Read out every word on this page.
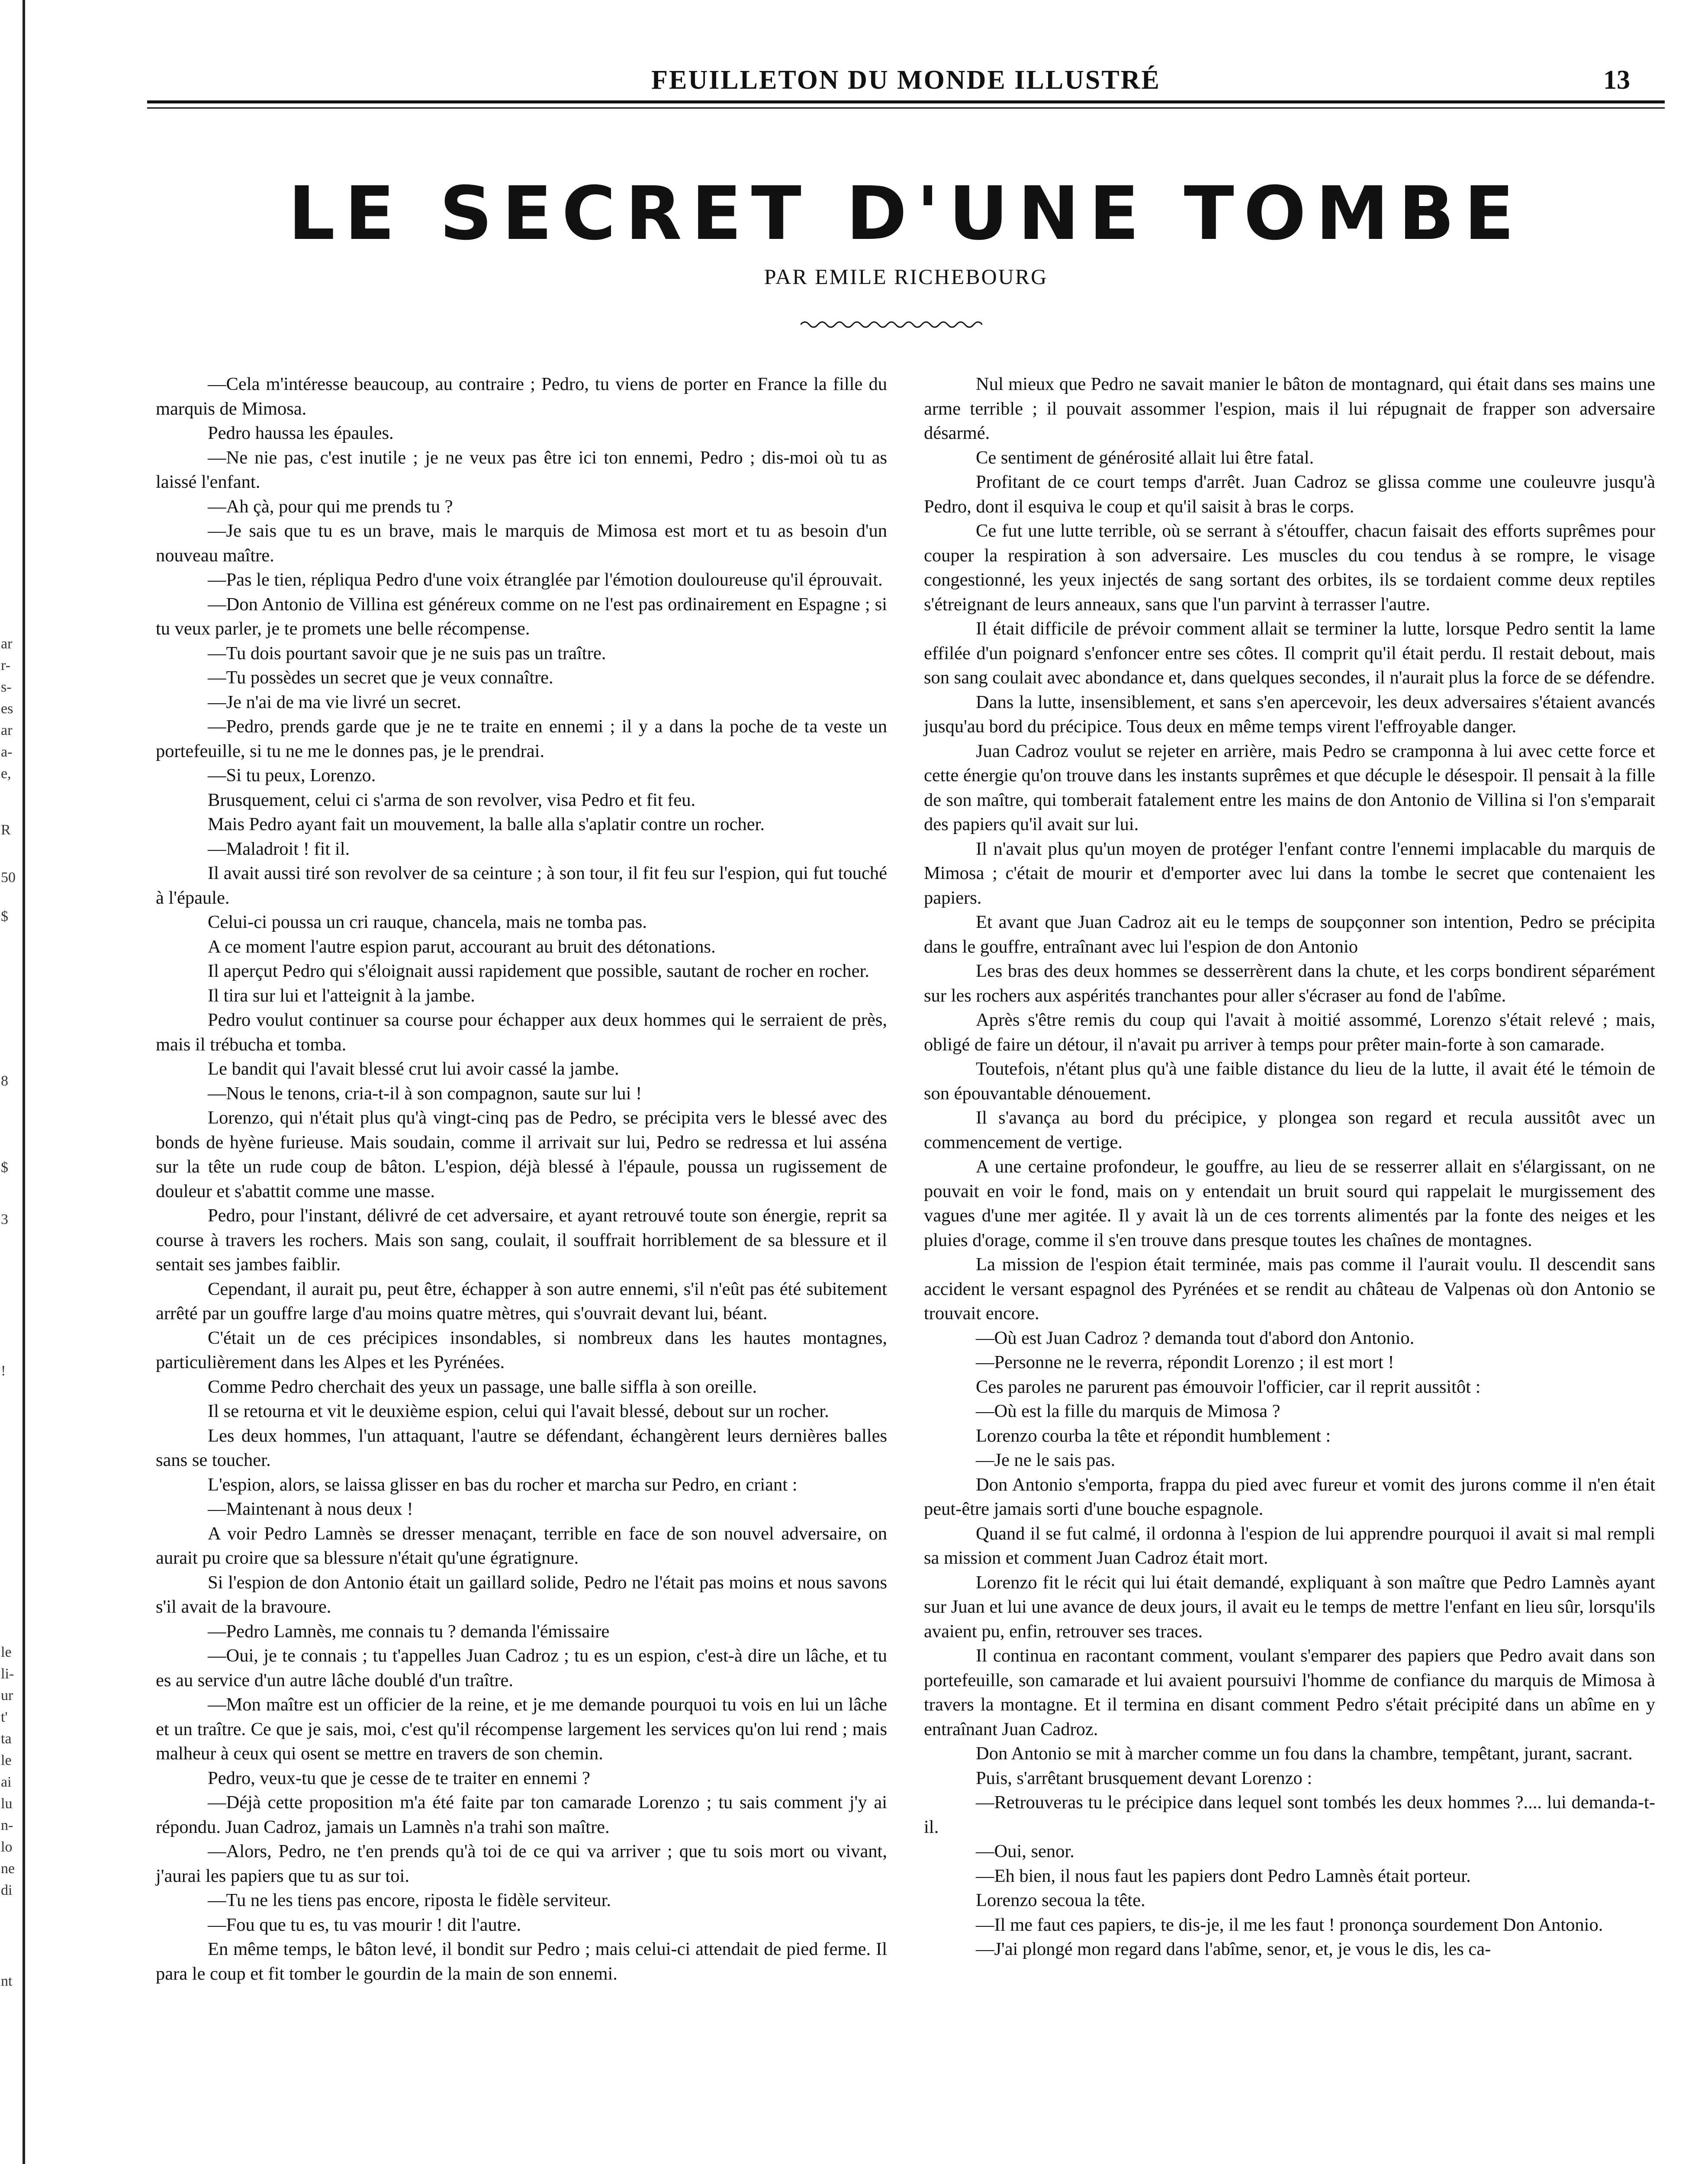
ar
r-
s-
es
ar
a-
e,
R
50
$
8
$
3
!
le
li-
ur
t'
ta
le
ai
lu
n-
lo
ne
di
nt
FEUILLETON DU MONDE ILLUSTRÉ	13
LE SECRET D'UNE TOMBE
PAR EMILE RICHEBOURG

—Cela m'intéresse beaucoup, au contraire ; Pedro, tu viens de porter en France la fille du marquis de Mimosa.

Pedro haussa les épaules.

—Ne nie pas, c'est inutile ; je ne veux pas être ici ton ennemi, Pedro ; dis-moi où tu as laissé l'enfant.

—Ah çà, pour qui me prends tu ?

—Je sais que tu es un brave, mais le marquis de Mimosa est mort et tu as besoin d'un nouveau maître.

—Pas le tien, répliqua Pedro d'une voix étranglée par l'émotion douloureuse qu'il éprouvait.

—Don Antonio de Villina est généreux comme on ne l'est pas ordinairement en Espagne ; si tu veux parler, je te promets une belle récompense.

—Tu dois pourtant savoir que je ne suis pas un traître.

—Tu possèdes un secret que je veux connaître.

—Je n'ai de ma vie livré un secret.

—Pedro, prends garde que je ne te traite en ennemi ; il y a dans la poche de ta veste un portefeuille, si tu ne me le donnes pas, je le prendrai.

—Si tu peux, Lorenzo.

Brusquement, celui ci s'arma de son revolver, visa Pedro et fit feu.

Mais Pedro ayant fait un mouvement, la balle alla s'aplatir contre un rocher.

—Maladroit ! fit il.

Il avait aussi tiré son revolver de sa ceinture ; à son tour, il fit feu sur l'espion, qui fut touché à l'épaule.

Celui-ci poussa un cri rauque, chancela, mais ne tomba pas.

A ce moment l'autre espion parut, accourant au bruit des détonations.

Il aperçut Pedro qui s'éloignait aussi rapidement que possible, sautant de rocher en rocher.

Il tira sur lui et l'atteignit à la jambe.

Pedro voulut continuer sa course pour échapper aux deux hommes qui le serraient de près, mais il trébucha et tomba.

Le bandit qui l'avait blessé crut lui avoir cassé la jambe.

—Nous le tenons, cria-t-il à son compagnon, saute sur lui !

Lorenzo, qui n'était plus qu'à vingt-cinq pas de Pedro, se précipita vers le blessé avec des bonds de hyène furieuse. Mais soudain, comme il arrivait sur lui, Pedro se redressa et lui asséna sur la tête un rude coup de bâton. L'espion, déjà blessé à l'épaule, poussa un rugissement de douleur et s'abattit comme une masse.

Pedro, pour l'instant, délivré de cet adversaire, et ayant retrouvé toute son énergie, reprit sa course à travers les rochers. Mais son sang, coulait, il souffrait horriblement de sa blessure et il sentait ses jambes faiblir.

Cependant, il aurait pu, peut être, échapper à son autre ennemi, s'il n'eût pas été subitement arrêté par un gouffre large d'au moins quatre mètres, qui s'ouvrait devant lui, béant.

C'était un de ces précipices insondables, si nombreux dans les hautes montagnes, particulièrement dans les Alpes et les Pyrénées.

Comme Pedro cherchait des yeux un passage, une balle siffla à son oreille.

Il se retourna et vit le deuxième espion, celui qui l'avait blessé, debout sur un rocher.

Les deux hommes, l'un attaquant, l'autre se défendant, échangèrent leurs dernières balles sans se toucher.

L'espion, alors, se laissa glisser en bas du rocher et marcha sur Pedro, en criant :

—Maintenant à nous deux !

A voir Pedro Lamnès se dresser menaçant, terrible en face de son nouvel adversaire, on aurait pu croire que sa blessure n'était qu'une égratignure.

Si l'espion de don Antonio était un gaillard solide, Pedro ne l'était pas moins et nous savons s'il avait de la bravoure.

—Pedro Lamnès, me connais tu ? demanda l'émissaire

—Oui, je te connais ; tu t'appelles Juan Cadroz ; tu es un espion, c'est-à dire un lâche, et tu es au service d'un autre lâche doublé d'un traître.

—Mon maître est un officier de la reine, et je me demande pourquoi tu vois en lui un lâche et un traître. Ce que je sais, moi, c'est qu'il récompense largement les services qu'on lui rend ; mais malheur à ceux qui osent se mettre en travers de son chemin.

Pedro, veux-tu que je cesse de te traiter en ennemi ?

—Déjà cette proposition m'a été faite par ton camarade Lorenzo ; tu sais comment j'y ai répondu. Juan Cadroz, jamais un Lamnès n'a trahi son maître.

—Alors, Pedro, ne t'en prends qu'à toi de ce qui va arriver ; que tu sois mort ou vivant, j'aurai les papiers que tu as sur toi.

—Tu ne les tiens pas encore, riposta le fidèle serviteur.

—Fou que tu es, tu vas mourir ! dit l'autre.

En même temps, le bâton levé, il bondit sur Pedro ; mais celui-ci attendait de pied ferme. Il para le coup et fit tomber le gourdin de la main de son ennemi.

Nul mieux que Pedro ne savait manier le bâton de montagnard, qui était dans ses mains une arme terrible ; il pouvait assommer l'espion, mais il lui répugnait de frapper son adversaire désarmé.

Ce sentiment de générosité allait lui être fatal.

Profitant de ce court temps d'arrêt. Juan Cadroz se glissa comme une couleuvre jusqu'à Pedro, dont il esquiva le coup et qu'il saisit à bras le corps.

Ce fut une lutte terrible, où se serrant à s'étouffer, chacun faisait des efforts suprêmes pour couper la respiration à son adversaire. Les muscles du cou tendus à se rompre, le visage congestionné, les yeux injectés de sang sortant des orbites, ils se tordaient comme deux reptiles s'étreignant de leurs anneaux, sans que l'un parvint à terrasser l'autre.

Il était difficile de prévoir comment allait se terminer la lutte, lorsque Pedro sentit la lame effilée d'un poignard s'enfoncer entre ses côtes. Il comprit qu'il était perdu. Il restait debout, mais son sang coulait avec abondance et, dans quelques secondes, il n'aurait plus la force de se défendre.

Dans la lutte, insensiblement, et sans s'en apercevoir, les deux adversaires s'étaient avancés jusqu'au bord du précipice. Tous deux en même temps virent l'effroyable danger.

Juan Cadroz voulut se rejeter en arrière, mais Pedro se cramponna à lui avec cette force et cette énergie qu'on trouve dans les instants suprêmes et que décuple le désespoir. Il pensait à la fille de son maître, qui tomberait fatalement entre les mains de don Antonio de Villina si l'on s'emparait des papiers qu'il avait sur lui.

Il n'avait plus qu'un moyen de protéger l'enfant contre l'ennemi implacable du marquis de Mimosa ; c'était de mourir et d'emporter avec lui dans la tombe le secret que contenaient les papiers.

Et avant que Juan Cadroz ait eu le temps de soupçonner son intention, Pedro se précipita dans le gouffre, entraînant avec lui l'espion de don Antonio

Les bras des deux hommes se desserrèrent dans la chute, et les corps bondirent séparément sur les rochers aux aspérités tranchantes pour aller s'écraser au fond de l'abîme.

Après s'être remis du coup qui l'avait à moitié assommé, Lorenzo s'était relevé ; mais, obligé de faire un détour, il n'avait pu arriver à temps pour prêter main-forte à son camarade.

Toutefois, n'étant plus qu'à une faible distance du lieu de la lutte, il avait été le témoin de son épouvantable dénouement.

Il s'avança au bord du précipice, y plongea son regard et recula aussitôt avec un commencement de vertige.

A une certaine profondeur, le gouffre, au lieu de se resserrer allait en s'élargissant, on ne pouvait en voir le fond, mais on y entendait un bruit sourd qui rappelait le murgissement des vagues d'une mer agitée. Il y avait là un de ces torrents alimentés par la fonte des neiges et les pluies d'orage, comme il s'en trouve dans presque toutes les chaînes de montagnes.

La mission de l'espion était terminée, mais pas comme il l'aurait voulu. Il descendit sans accident le versant espagnol des Pyrénées et se rendit au château de Valpenas où don Antonio se trouvait encore.

—Où est Juan Cadroz ? demanda tout d'abord don Antonio.

—Personne ne le reverra, répondit Lorenzo ; il est mort !

Ces paroles ne parurent pas émouvoir l'officier, car il reprit aussitôt :

—Où est la fille du marquis de Mimosa ?

Lorenzo courba la tête et répondit humblement :

—Je ne le sais pas.

Don Antonio s'emporta, frappa du pied avec fureur et vomit des jurons comme il n'en était peut-être jamais sorti d'une bouche espagnole.

Quand il se fut calmé, il ordonna à l'espion de lui apprendre pourquoi il avait si mal rempli sa mission et comment Juan Cadroz était mort.

Lorenzo fit le récit qui lui était demandé, expliquant à son maître que Pedro Lamnès ayant sur Juan et lui une avance de deux jours, il avait eu le temps de mettre l'enfant en lieu sûr, lorsqu'ils avaient pu, enfin, retrouver ses traces.

Il continua en racontant comment, voulant s'emparer des papiers que Pedro avait dans son portefeuille, son camarade et lui avaient poursuivi l'homme de confiance du marquis de Mimosa à travers la montagne. Et il termina en disant comment Pedro s'était précipité dans un abîme en y entraînant Juan Cadroz.

Don Antonio se mit à marcher comme un fou dans la chambre, tempêtant, jurant, sacrant.

Puis, s'arrêtant brusquement devant Lorenzo :

—Retrouveras tu le précipice dans lequel sont tombés les deux hommes ?.... lui demanda-t-il.

—Oui, senor.

—Eh bien, il nous faut les papiers dont Pedro Lamnès était porteur.

Lorenzo secoua la tête.

—Il me faut ces papiers, te dis-je, il me les faut ! prononça sourdement Don Antonio.

—J'ai plongé mon regard dans l'abîme, senor, et, je vous le dis, les ca-
